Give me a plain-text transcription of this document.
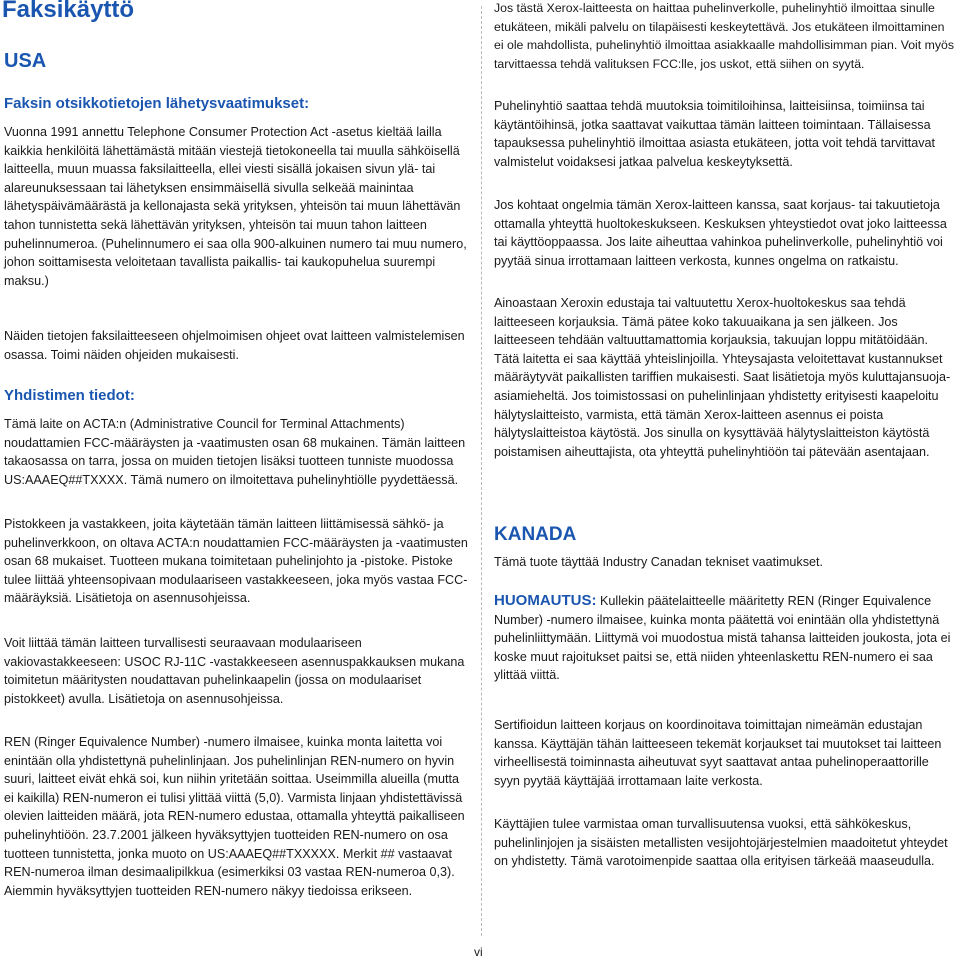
Faksikäyttö
USA
Faksin otsikkotietojen lähetysvaatimukset:

Vuonna 1991 annettu Telephone Consumer Protection Act -asetus kieltää lailla kaikkia henkilöitä lähettämästä mitään viestejä tietokoneella tai muulla sähköisellä laitteella, muun muassa faksilaitteella, ellei viesti sisällä jokaisen sivun ylä- tai alareunuksessaan tai lähetyksen ensimmäisellä sivulla selkeää mainintaa lähetyspäivämäärästä ja kellonajasta sekä yrityksen, yhteisön tai muun lähettävän tahon tunnistetta sekä lähettävän yrityksen, yhteisön tai muun tahon laitteen puhelinnumeroa. (Puhelinnumero ei saa olla 900-alkuinen numero tai muu numero, johon soittamisesta veloitetaan tavallista paikallis- tai kaukopuhelua suurempi maksu.)

Näiden tietojen faksilaitteeseen ohjelmoimisen ohjeet ovat laitteen valmistelemisen osassa. Toimi näiden ohjeiden mukaisesti.

Yhdistimen tiedot:

Tämä laite on ACTA:n (Administrative Council for Terminal Attachments) noudattamien FCC-määräysten ja -vaatimusten osan 68 mukainen. Tämän laitteen takaosassa on tarra, jossa on muiden tietojen lisäksi tuotteen tunniste muodossa US:AAAEQ##TXXXX. Tämä numero on ilmoitettava puhelinyhtiölle pyydettäessä.

Pistokkeen ja vastakkeen, joita käytetään tämän laitteen liittämisessä sähkö- ja puhelinverkkoon, on oltava ACTA:n noudattamien FCC-määräysten ja -vaatimusten osan 68 mukaiset. Tuotteen mukana toimitetaan puhelinjohto ja -pistoke. Pistoke tulee liittää yhteensopivaan modulaariseen vastakkeeseen, joka myös vastaa FCC-määräyksiä. Lisätietoja on asennusohjeissa.

Voit liittää tämän laitteen turvallisesti seuraavaan modulaariseen vakiovastakkeeseen: USOC RJ-11C -vastakkeeseen asennuspakkauksen mukana toimitetun määritysten noudattavan puhelinkaapelin (jossa on modulaariset pistokkeet) avulla. Lisätietoja on asennusohjeissa.

REN (Ringer Equivalence Number) -numero ilmaisee, kuinka monta laitetta voi enintään olla yhdistettynä puhelinlinjaan. Jos puhelinlinjan REN-numero on hyvin suuri, laitteet eivät ehkä soi, kun niihin yritetään soittaa. Useimmilla alueilla (mutta ei kaikilla) REN-numeron ei tulisi ylittää viittä (5,0). Varmista linjaan yhdistettävissä olevien laitteiden määrä, jota REN-numero edustaa, ottamalla yhteyttä paikalliseen puhelinyhtiöön. 23.7.2001 jälkeen hyväksyttyjen tuotteiden REN-numero on osa tuotteen tunnistetta, jonka muoto on US:AAAEQ##TXXXXX. Merkit ## vastaavat REN-numeroa ilman desimaalipilkkua (esimerkiksi 03 vastaa REN-numeroa 0,3). Aiemmin hyväksyttyjen tuotteiden REN-numero näkyy tiedoissa erikseen.

Jos tästä Xerox-laitteesta on haittaa puhelinverkolle, puhelinyhtiö ilmoittaa sinulle etukäteen, mikäli palvelu on tilapäisesti keskeytettävä. Jos etukäteen ilmoittaminen ei ole mahdollista, puhelinyhtiö ilmoittaa asiakkaalle mahdollisimman pian. Voit myös tarvittaessa tehdä valituksen FCC:lle, jos uskot, että siihen on syytä.

Puhelinyhtiö saattaa tehdä muutoksia toimitiloihinsa, laitteisiinsa, toimiinsa tai käytäntöihinsä, jotka saattavat vaikuttaa tämän laitteen toimintaan. Tällaisessa tapauksessa puhelinyhtiö ilmoittaa asiasta etukäteen, jotta voit tehdä tarvittavat valmistelut voidaksesi jatkaa palvelua keskeytyksettä.

Jos kohtaat ongelmia tämän Xerox-laitteen kanssa, saat korjaus- tai takuutietoja ottamalla yhteyttä huoltokeskukseen. Keskuksen yhteystiedot ovat joko laitteessa tai käyttöoppaassa. Jos laite aiheuttaa vahinkoa puhelinverkolle, puhelinyhtiö voi pyytää sinua irrottamaan laitteen verkosta, kunnes ongelma on ratkaistu.

Ainoastaan Xeroxin edustaja tai valtuutettu Xerox-huoltokeskus saa tehdä laitteeseen korjauksia. Tämä pätee koko takuuaikana ja sen jälkeen. Jos laitteeseen tehdään valtuuttamattomia korjauksia, takuujan loppu mitätöidään. Tätä laitetta ei saa käyttää yhteislinjoilla. Yhteysajasta veloitettavat kustannukset määräytyvät paikallisten tariffien mukaisesti. Saat lisätietoja myös kuluttajansuoja-asiamieheltä. Jos toimistossasi on puhelinlinjaan yhdistetty erityisesti kaapeloitu hälytyslaitteisto, varmista, että tämän Xerox-laitteen asennus ei poista hälytyslaitteistoa käytöstä. Jos sinulla on kysyttävää hälytyslaitteiston käytöstä poistamisen aiheuttajista, ota yhteyttä puhelinyhtiöön tai pätevään asentajaan.

KANADA

Tämä tuote täyttää Industry Canadan tekniset vaatimukset.

HUOMAUTUS: Kullekin päätelaitteelle määritetty REN (Ringer Equivalence Number) -numero ilmaisee, kuinka monta päätettä voi enintään olla yhdistettynä puhelinliittymään. Liittymä voi muodostua mistä tahansa laitteiden joukosta, jota ei koske muut rajoitukset paitsi se, että niiden yhteenlaskettu REN-numero ei saa ylittää viittä.

Sertifioidun laitteen korjaus on koordinoitava toimittajan nimeämän edustajan kanssa. Käyttäjän tähän laitteeseen tekemät korjaukset tai muutokset tai laitteen virheellisestä toiminnasta aiheutuvat syyt saattavat antaa puhelinoperaattorille syyn pyytää käyttäjää irrottamaan laite verkosta.

Käyttäjien tulee varmistaa oman turvallisuutensa vuoksi, että sähkökeskus, puhelinlinjojen ja sisäisten metallisten vesijohtojärjestelmien maadoitetut yhteydet on yhdistetty. Tämä varotoimenpide saattaa olla erityisen tärkeää maaseudulla.

vi
